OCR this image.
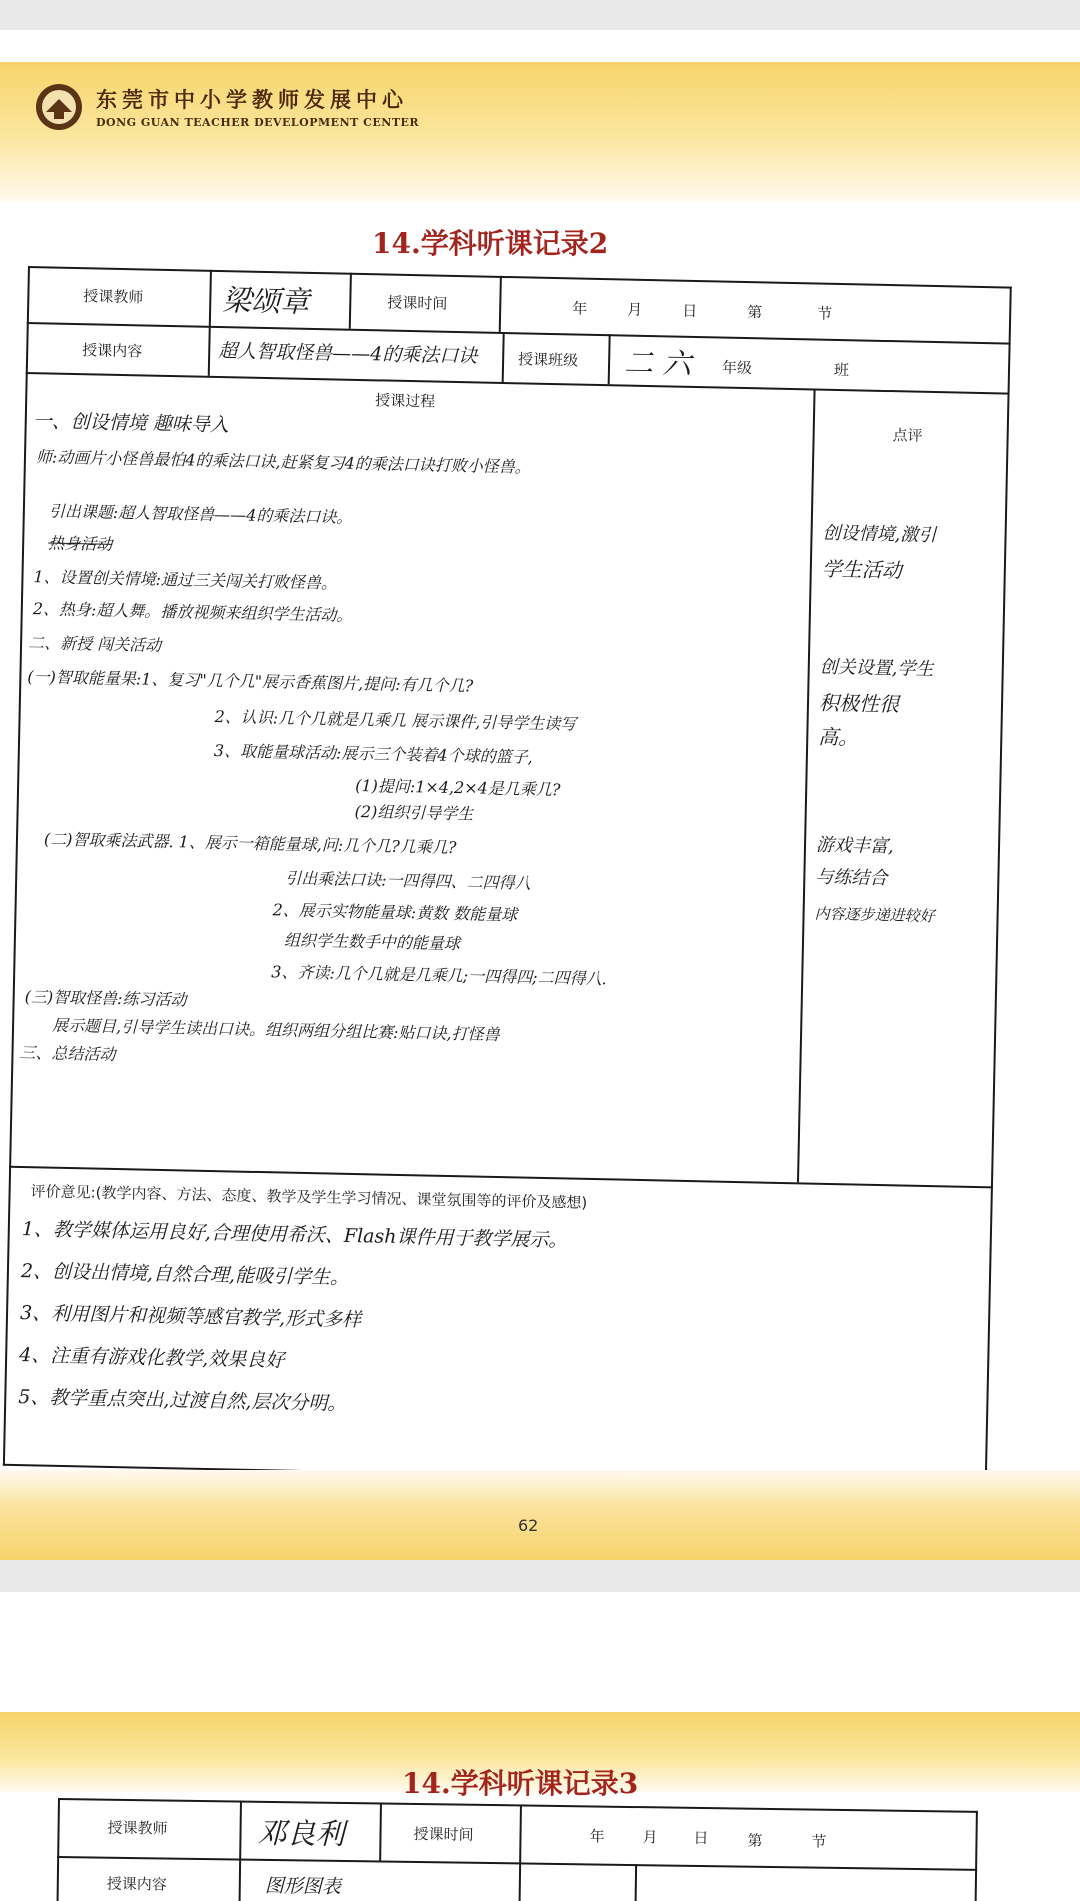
东莞市中小学教师发展中心
DONG GUAN TEACHER DEVELOPMENT CENTER
14.学科听课记录2
授课教师	梁颂章	授课时间	年	月	日	第	节
授课内容	超人智取怪兽——4的乘法口诀	授课班级 二 六 年级	班
授课过程
点评
一、创设情境 趣味导入
师:动画片小怪兽最怕4的乘法口诀,赶紧复习4的乘法口诀打败小怪兽。
引出课题:超人智取怪兽——4的乘法口诀。
热身活动
1、设置创关情境:通过三关闯关打败怪兽。
2、热身:超人舞。播放视频来组织学生活动。
二、新授 闯关活动
(一)智取能量果:1、复习"几个几"展示香蕉图片,提问:有几个几?
2、认识:几个几就是几乘几 展示课件,引导学生读写
3、取能量球活动:展示三个装着4个球的篮子,
(1)提问:1×4,2×4是几乘几?
(2)组织引导学生
(二)智取乘法武器. 1、展示一箱能量球,问:几个几?几乘几?
引出乘法口诀:一四得四、二四得八
2、展示实物能量球:黄数 数能量球
组织学生数手中的能量球
3、齐读:几个几就是几乘几;一四得四;二四得八.
(三)智取怪兽:练习活动
展示题目,引导学生读出口诀。组织两组分组比赛:贴口诀,打怪兽
三、总结活动
创设情境,激引
学生活动
创关设置,学生
积极性很
高。
游戏丰富,
与练结合
内容逐步递进较好
评价意见:(教学内容、方法、态度、教学及学生学习情况、课堂氛围等的评价及感想)
1、教学媒体运用良好,合理使用希沃、Flash课件用于教学展示。
2、创设出情境,自然合理,能吸引学生。
3、利用图片和视频等感官教学,形式多样
4、注重有游戏化教学,效果良好
5、教学重点突出,过渡自然,层次分明。
62
14.学科听课记录3
授课教师	邓良利	授课时间	年	月 日	第	节
授课内容	图形图表
